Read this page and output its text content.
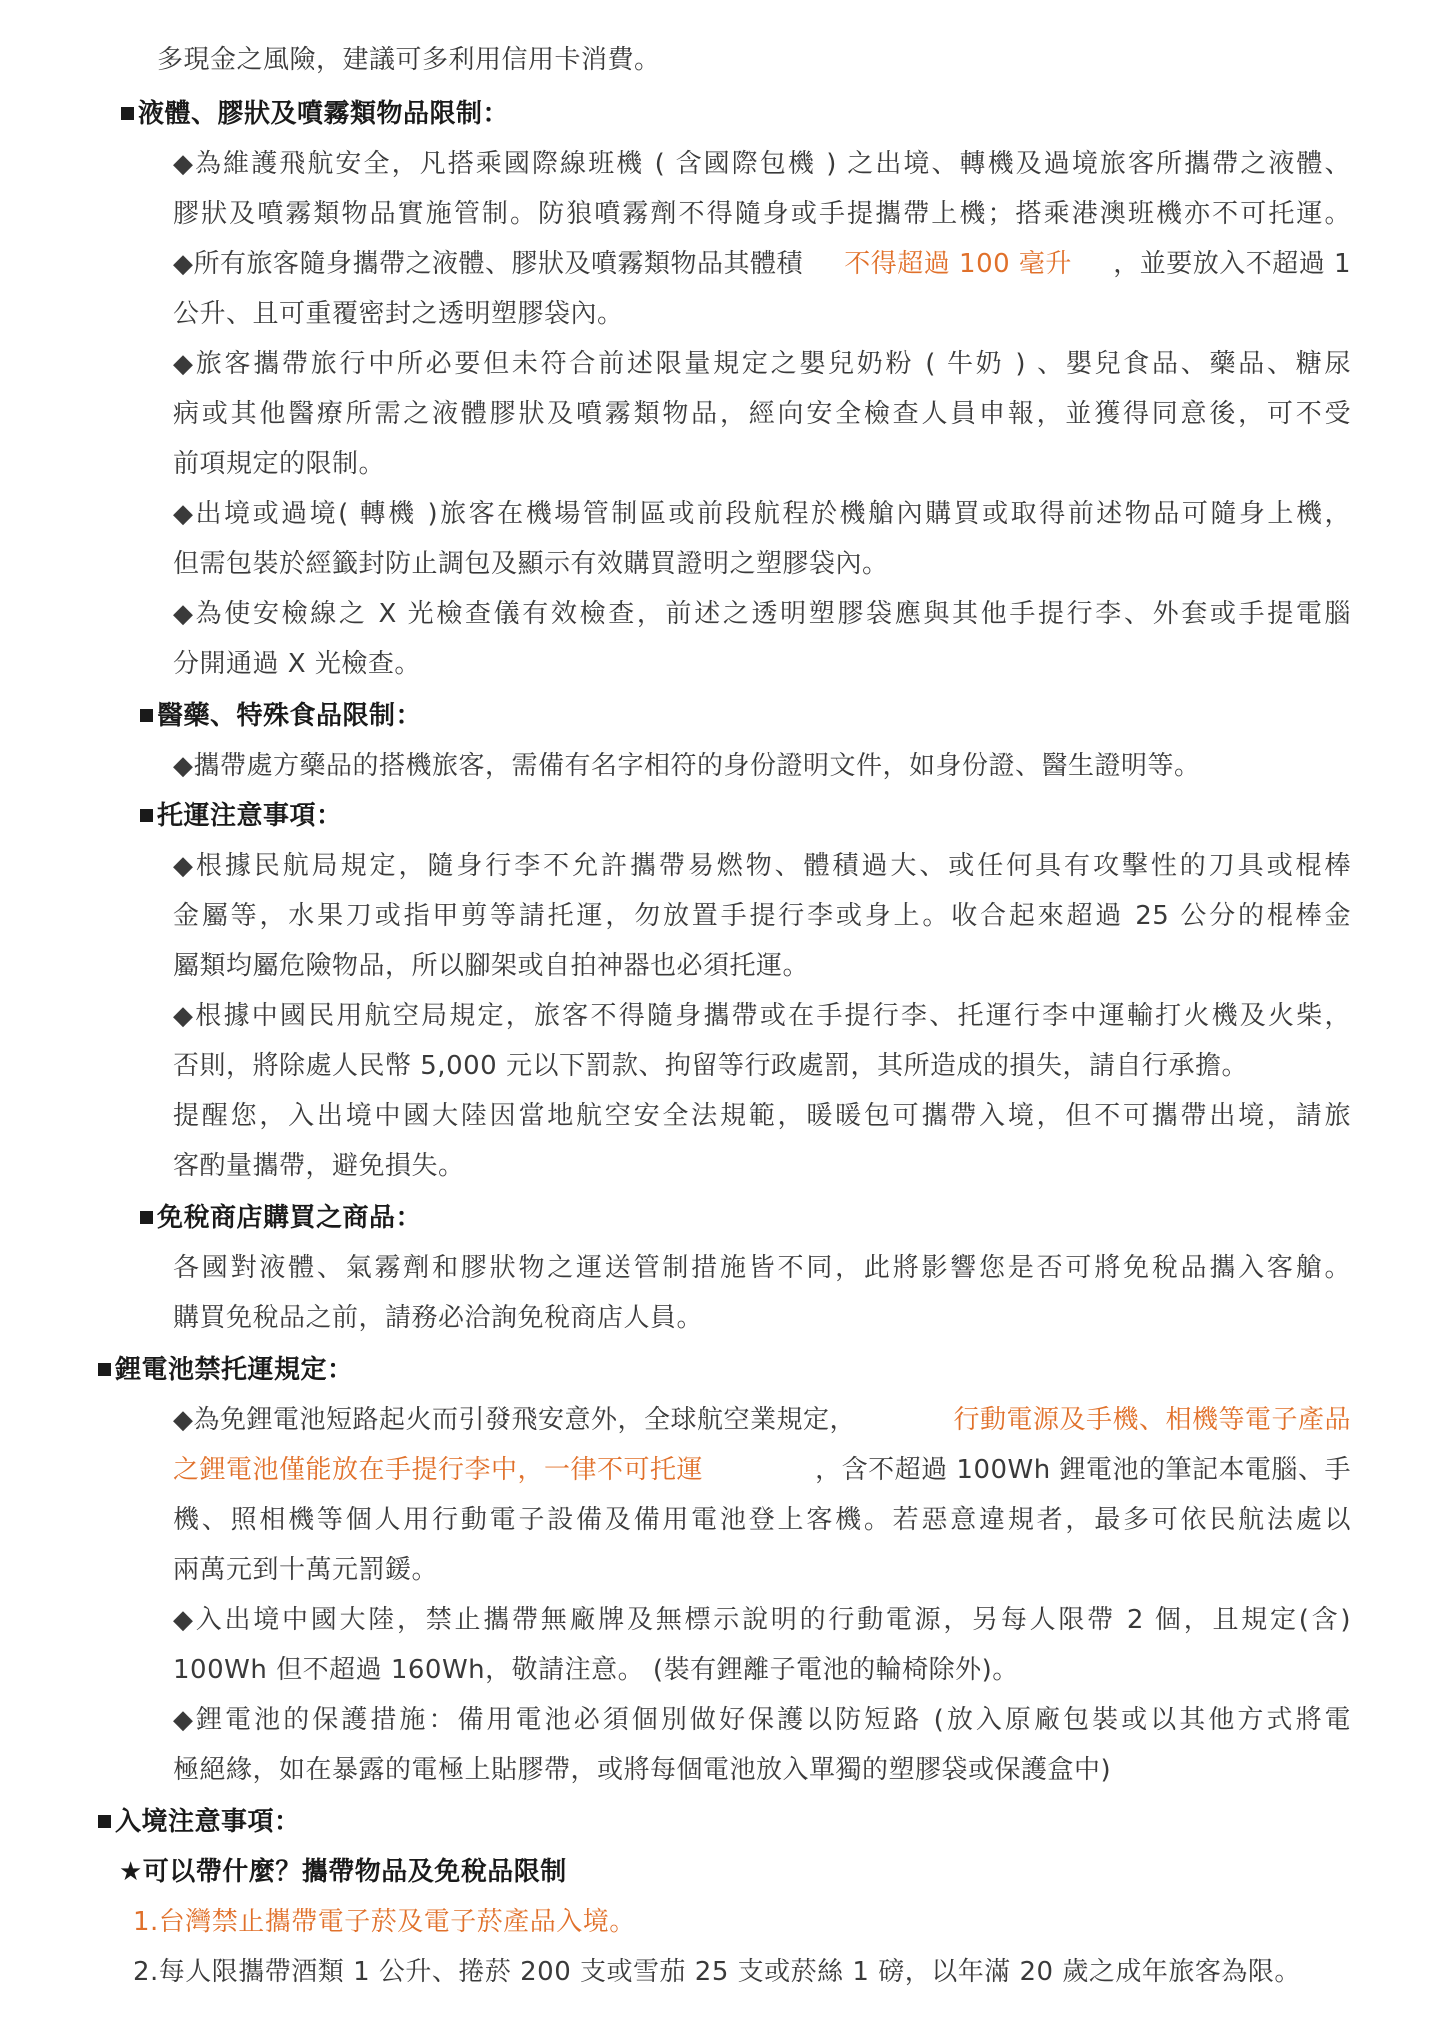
多現金之風險，建議可多利用信用卡消費。
液體、膠狀及噴霧類物品限制：
◆為維護飛航安全，凡搭乘國際線班機 ( 含國際包機 ) 之出境、轉機及過境旅客所攜帶之液體、
膠狀及噴霧類物品實施管制。防狼噴霧劑不得隨身或手提攜帶上機；搭乘港澳班機亦不可托運。
◆所有旅客隨身攜帶之液體、膠狀及噴霧類物品其體積 不得超過 100 毫升 ，並要放入不超過 1
公升、且可重覆密封之透明塑膠袋內。
◆旅客攜帶旅行中所必要但未符合前述限量規定之嬰兒奶粉 ( 牛奶 ) 、嬰兒食品、藥品、糖尿
病或其他醫療所需之液體膠狀及噴霧類物品，經向安全檢查人員申報，並獲得同意後，可不受
前項規定的限制。
◆出境或過境( 轉機 )旅客在機場管制區或前段航程於機艙內購買或取得前述物品可隨身上機，
但需包裝於經籤封防止調包及顯示有效購買證明之塑膠袋內。
◆為使安檢線之 X 光檢查儀有效檢查，前述之透明塑膠袋應與其他手提行李、外套或手提電腦
分開通過 X 光檢查。
醫藥、特殊食品限制：
◆攜帶處方藥品的搭機旅客，需備有名字相符的身份證明文件，如身份證、醫生證明等。
托運注意事項：
◆根據民航局規定，隨身行李不允許攜帶易燃物、體積過大、或任何具有攻擊性的刀具或棍棒
金屬等，水果刀或指甲剪等請托運，勿放置手提行李或身上。收合起來超過 25 公分的棍棒金
屬類均屬危險物品，所以腳架或自拍神器也必須托運。
◆根據中國民用航空局規定，旅客不得隨身攜帶或在手提行李、托運行李中運輸打火機及火柴，
否則，將除處人民幣 5,000 元以下罰款、拘留等行政處罰，其所造成的損失，請自行承擔。
提醒您，入出境中國大陸因當地航空安全法規範，暖暖包可攜帶入境，但不可攜帶出境，請旅
客酌量攜帶，避免損失。
免稅商店購買之商品：
各國對液體、氣霧劑和膠狀物之運送管制措施皆不同，此將影響您是否可將免稅品攜入客艙。
購買免稅品之前，請務必洽詢免稅商店人員。
鋰電池禁托運規定：
◆為免鋰電池短路起火而引發飛安意外，全球航空業規定，	行動電源及手機、相機等電子產品
之鋰電池僅能放在手提行李中，一律不可托運	，含不超過 100Wh 鋰電池的筆記本電腦、手
機、照相機等個人用行動電子設備及備用電池登上客機。若惡意違規者，最多可依民航法處以
兩萬元到十萬元罰鍰。
◆入出境中國大陸，禁止攜帶無廠牌及無標示說明的行動電源，另每人限帶 2 個，且規定(含)
100Wh 但不超過 160Wh，敬請注意。 (裝有鋰離子電池的輪椅除外)。
◆鋰電池的保護措施：備用電池必須個別做好保護以防短路 (放入原廠包裝或以其他方式將電
極絕緣，如在暴露的電極上貼膠帶，或將每個電池放入單獨的塑膠袋或保護盒中)
入境注意事項：
★可以帶什麼？攜帶物品及免稅品限制
1.台灣禁止攜帶電子菸及電子菸產品入境。
2.每人限攜帶酒類 1 公升、捲菸 200 支或雪茄 25 支或菸絲 1 磅，以年滿 20 歲之成年旅客為限。
